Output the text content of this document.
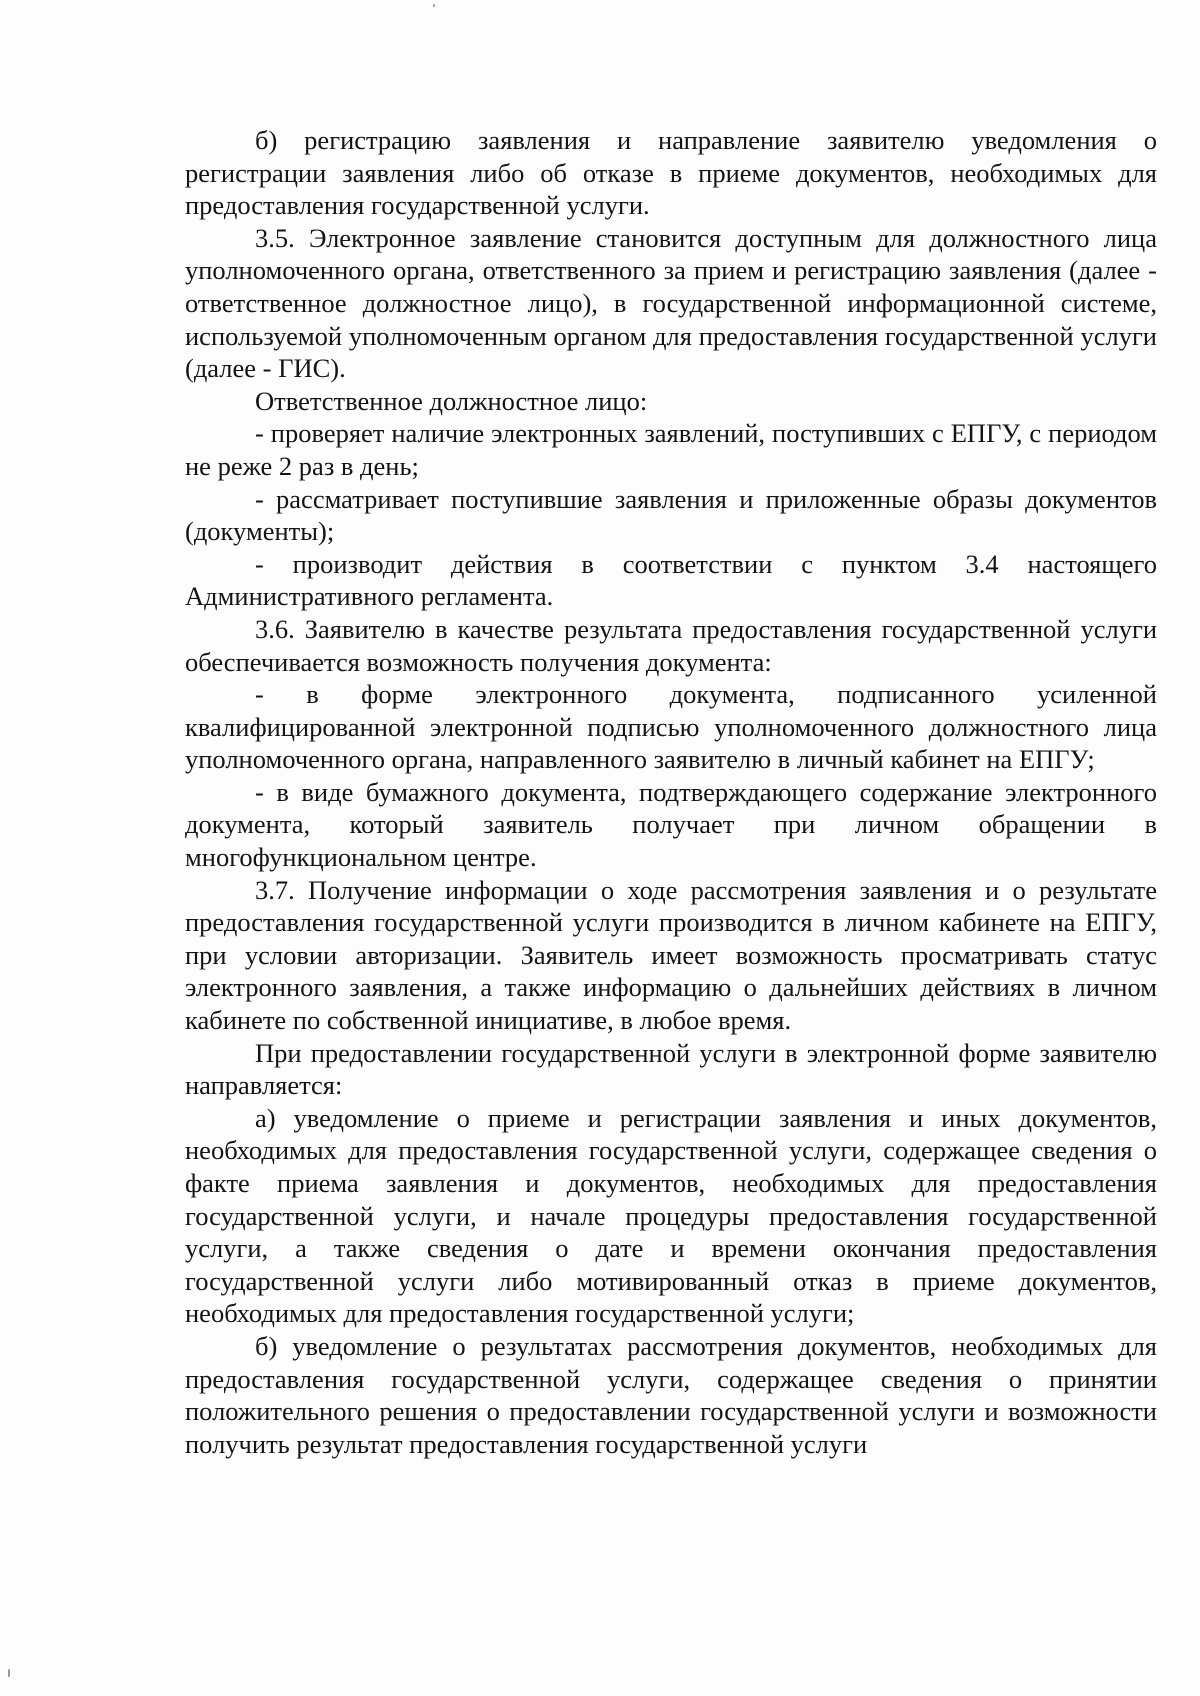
б) регистрацию заявления и направление заявителю уведомления о регистрации заявления либо об отказе в приеме документов, необходимых для предоставления государственной услуги.

3.5. Электронное заявление становится доступным для должностного лица уполномоченного органа, ответственного за прием и регистрацию заявления (далее - ответственное должностное лицо), в государственной информационной системе, используемой уполномоченным органом для предоставления государственной услуги (далее - ГИС).

Ответственное должностное лицо:

- проверяет наличие электронных заявлений, поступивших с ЕПГУ, с периодом не реже 2 раз в день;

- рассматривает поступившие заявления и приложенные образы документов (документы);

- производит действия в соответствии с пунктом 3.4 настоящего Административного регламента.

3.6. Заявителю в качестве результата предоставления государственной услуги обеспечивается возможность получения документа:

- в форме электронного документа, подписанного усиленной квалифицированной электронной подписью уполномоченного должностного лица уполномоченного органа, направленного заявителю в личный кабинет на ЕПГУ;

- в виде бумажного документа, подтверждающего содержание электронного документа, который заявитель получает при личном обращении в многофункциональном центре.

3.7. Получение информации о ходе рассмотрения заявления и о результате предоставления государственной услуги производится в личном кабинете на ЕПГУ, при условии авторизации. Заявитель имеет возможность просматривать статус электронного заявления, а также информацию о дальнейших действиях в личном кабинете по собственной инициативе, в любое время.

При предоставлении государственной услуги в электронной форме заявителю направляется:

а) уведомление о приеме и регистрации заявления и иных документов, необходимых для предоставления государственной услуги, содержащее сведения о факте приема заявления и документов, необходимых для предоставления государственной услуги, и начале процедуры предоставления государственной услуги, а также сведения о дате и времени окончания предоставления государственной услуги либо мотивированный отказ в приеме документов, необходимых для предоставления государственной услуги;

б) уведомление о результатах рассмотрения документов, необходимых для предоставления государственной услуги, содержащее сведения о принятии положительного решения о предоставлении государственной услуги и возможности получить результат предоставления государственной услуги
